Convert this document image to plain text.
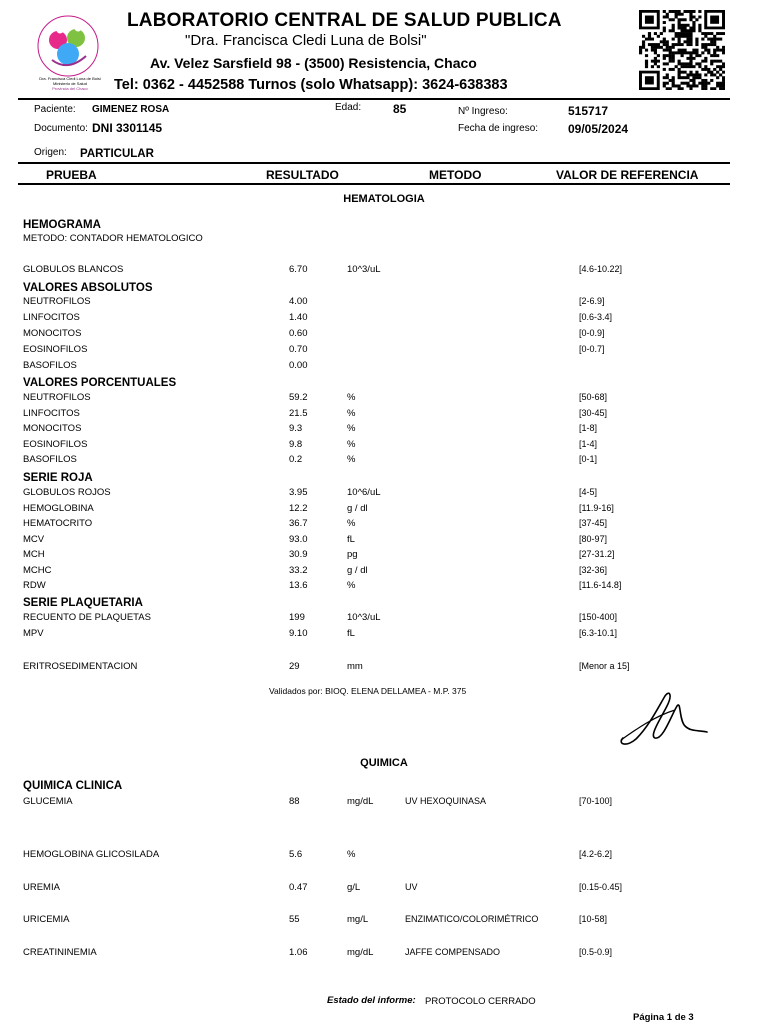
Dra. Francisca Cledi Luna de Bolsi
Ministerio de Salud
Provincia del Chaco
LABORATORIO CENTRAL DE SALUD PUBLICA
"Dra. Francisca Cledi Luna de Bolsi"
Av. Velez Sarsfield 98 - (3500) Resistencia, Chaco
Tel: 0362 - 4452588 Turnos (solo Whatsapp): 3624-638383
Paciente: GIMENEZ ROSA	Edad:	85	Nº Ingreso:	515717
Documento: DNI 3301145	Fecha de ingreso: 09/05/2024
Origen: PARTICULAR
PRUEBA	RESULTADO	METODO	VALOR DE REFERENCIA
HEMATOLOGIA
HEMOGRAMA
METODO: CONTADOR HEMATOLOGICO
GLOBULOS BLANCOS	6.70	10^3/uL	[4.6-10.22]
VALORES ABSOLUTOS
NEUTROFILOS	4.00	[2-6.9]
LINFOCITOS	1.40	[0.6-3.4]
MONOCITOS	0.60	[0-0.9]
EOSINOFILOS	0.70	[0-0.7]
BASOFILOS	0.00
VALORES PORCENTUALES
NEUTROFILOS	59.2	%	[50-68]
LINFOCITOS	21.5	%	[30-45]
MONOCITOS	9.3	%	[1-8]
EOSINOFILOS	9.8	%	[1-4]
BASOFILOS	0.2	%	[0-1]
SERIE ROJA
GLOBULOS ROJOS	3.95	10^6/uL	[4-5]
HEMOGLOBINA	12.2	g / dl	[11.9-16]
HEMATOCRITO	36.7	%	[37-45]
MCV	93.0	fL	[80-97]
MCH	30.9	pg	[27-31.2]
MCHC	33.2	g / dl	[32-36]
RDW	13.6	%	[11.6-14.8]
SERIE PLAQUETARIA
RECUENTO DE PLAQUETAS	199	10^3/uL	[150-400]
MPV	9.10	fL	[6.3-10.1]
ERITROSEDIMENTACION	29	mm	[Menor a 15]
Validados por: BIOQ. ELENA DELLAMEA - M.P. 375
QUIMICA
QUIMICA CLINICA
GLUCEMIA	88	mg/dL	UV HEXOQUINASA	[70-100]
HEMOGLOBINA GLICOSILADA	5.6	%	[4.2-6.2]
UREMIA	0.47	g/L	UV	[0.15-0.45]
URICEMIA	55	mg/L	ENZIMATICO/COLORIMÉTRICO	[10-58]
CREATININEMIA	1.06	mg/dL	JAFFE COMPENSADO	[0.5-0.9]
Estado del informe: PROTOCOLO CERRADO
Página 1 de 3
